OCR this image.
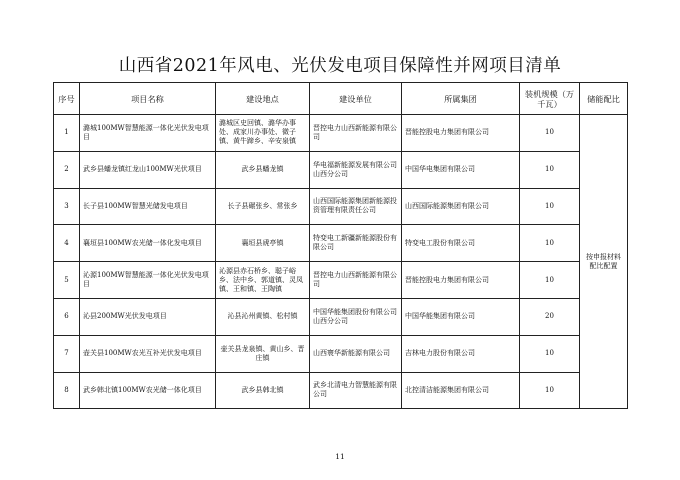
山西省2021年风电、光伏发电项目保障性并网项目清单
序号	项目名称	建设地点	建设单位	所属集团	装机规模（万千瓦）	储能配比
1	潞城100MW智慧能源一体化光伏发电项目	潞城区史回镇、潞华办事处、成家川办事处、微子镇、黄牛蹄乡、辛安泉镇	晋控电力山西新能源有限公司	晋能控股电力集团有限公司	10	按申报材料配比配置
2	武乡县蟠龙镇红龙山100MW光伏项目	武乡县蟠龙镇	华电福新能源发展有限公司山西分公司	中国华电集团有限公司	10	
3	长子县100MW智慧光储发电项目	长子县碾张乡、常张乡	山西国际能源集团新能源投资管理有限责任公司	山西国际能源集团有限公司	10	
4	襄垣县100MW农光储一体化发电项目	襄垣县虒亭镇	特变电工新疆新能源股份有限公司	特变电工股份有限公司	10	
5	沁源100MW智慧能源一体化光伏发电项目	沁源县赤石桥乡、聪子峪乡、法中乡、郭道镇、灵凤镇、王和镇、王陶镇	晋控电力山西新能源有限公司	晋能控股电力集团有限公司	10	
6	沁县200MW光伏发电项目	沁县沁州黄镇、松村镇	中国华能集团股份有限公司山西分公司	中国华能集团有限公司	20	
7	壶关县100MW农光互补光伏发电项目	壶关县龙泉镇、黄山乡、晋庄镇	山西寰华新能源有限公司	吉林电力股份有限公司	10	
8	武乡韩北镇100MW农光储一体化项目	武乡县韩北镇	武乡北清电力智慧能源有限公司	北控清洁能源集团有限公司	10	
11
